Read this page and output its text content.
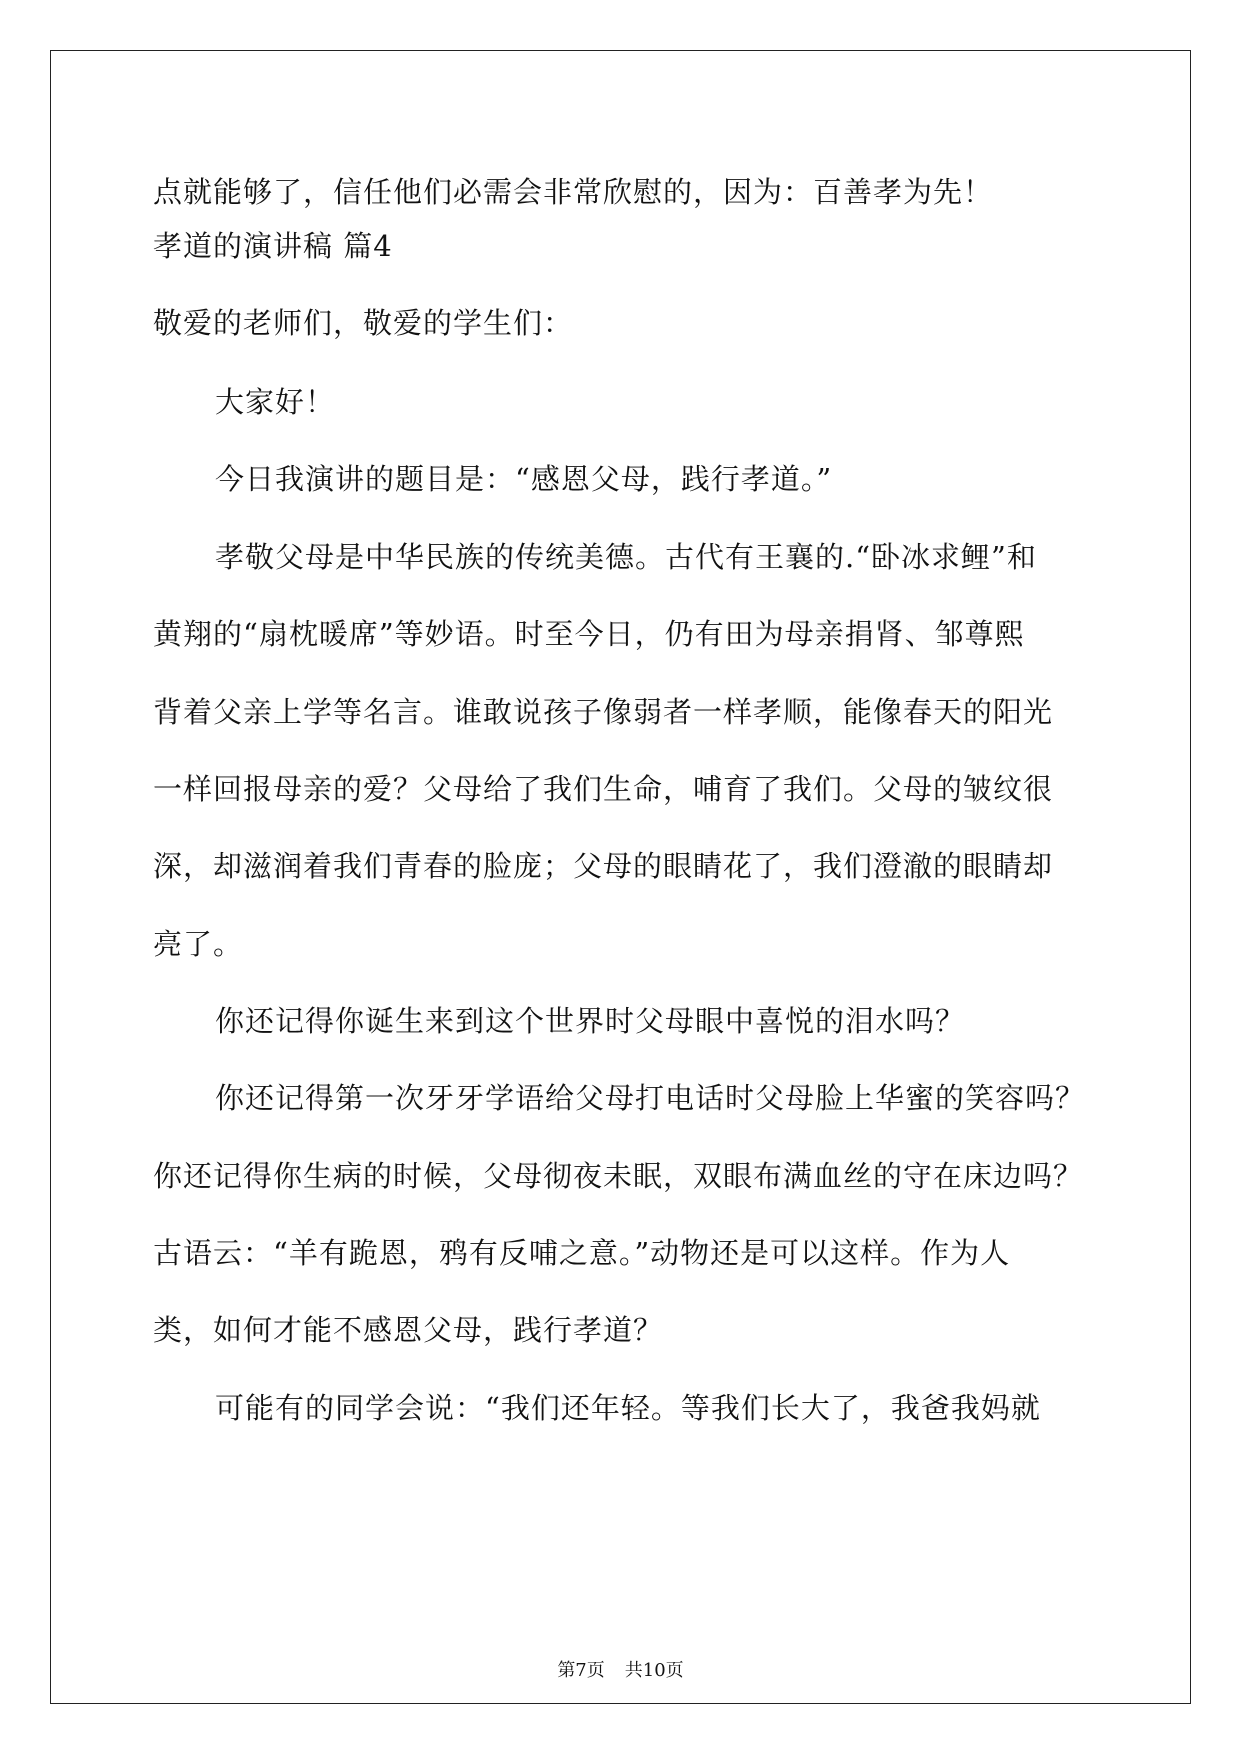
点就能够了，信任他们必需会非常欣慰的，因为：百善孝为先！
孝道的演讲稿 篇4
敬爱的老师们，敬爱的学生们：
大家好！
今日我演讲的题目是：“感恩父母，践行孝道。”
孝敬父母是中华民族的传统美德。古代有王襄的.“卧冰求鲤”和
黄翔的“扇枕暖席”等妙语。时至今日，仍有田为母亲捐肾、邹尊熙
背着父亲上学等名言。谁敢说孩子像弱者一样孝顺，能像春天的阳光
一样回报母亲的爱？父母给了我们生命，哺育了我们。父母的皱纹很
深，却滋润着我们青春的脸庞；父母的眼睛花了，我们澄澈的眼睛却
亮了。
你还记得你诞生来到这个世界时父母眼中喜悦的泪水吗？
你还记得第一次牙牙学语给父母打电话时父母脸上华蜜的笑容吗？
你还记得你生病的时候，父母彻夜未眠，双眼布满血丝的守在床边吗？
古语云：“羊有跪恩，鸦有反哺之意。”动物还是可以这样。作为人
类，如何才能不感恩父母，践行孝道？
可能有的同学会说：“我们还年轻。等我们长大了，我爸我妈就
第7页 共10页
